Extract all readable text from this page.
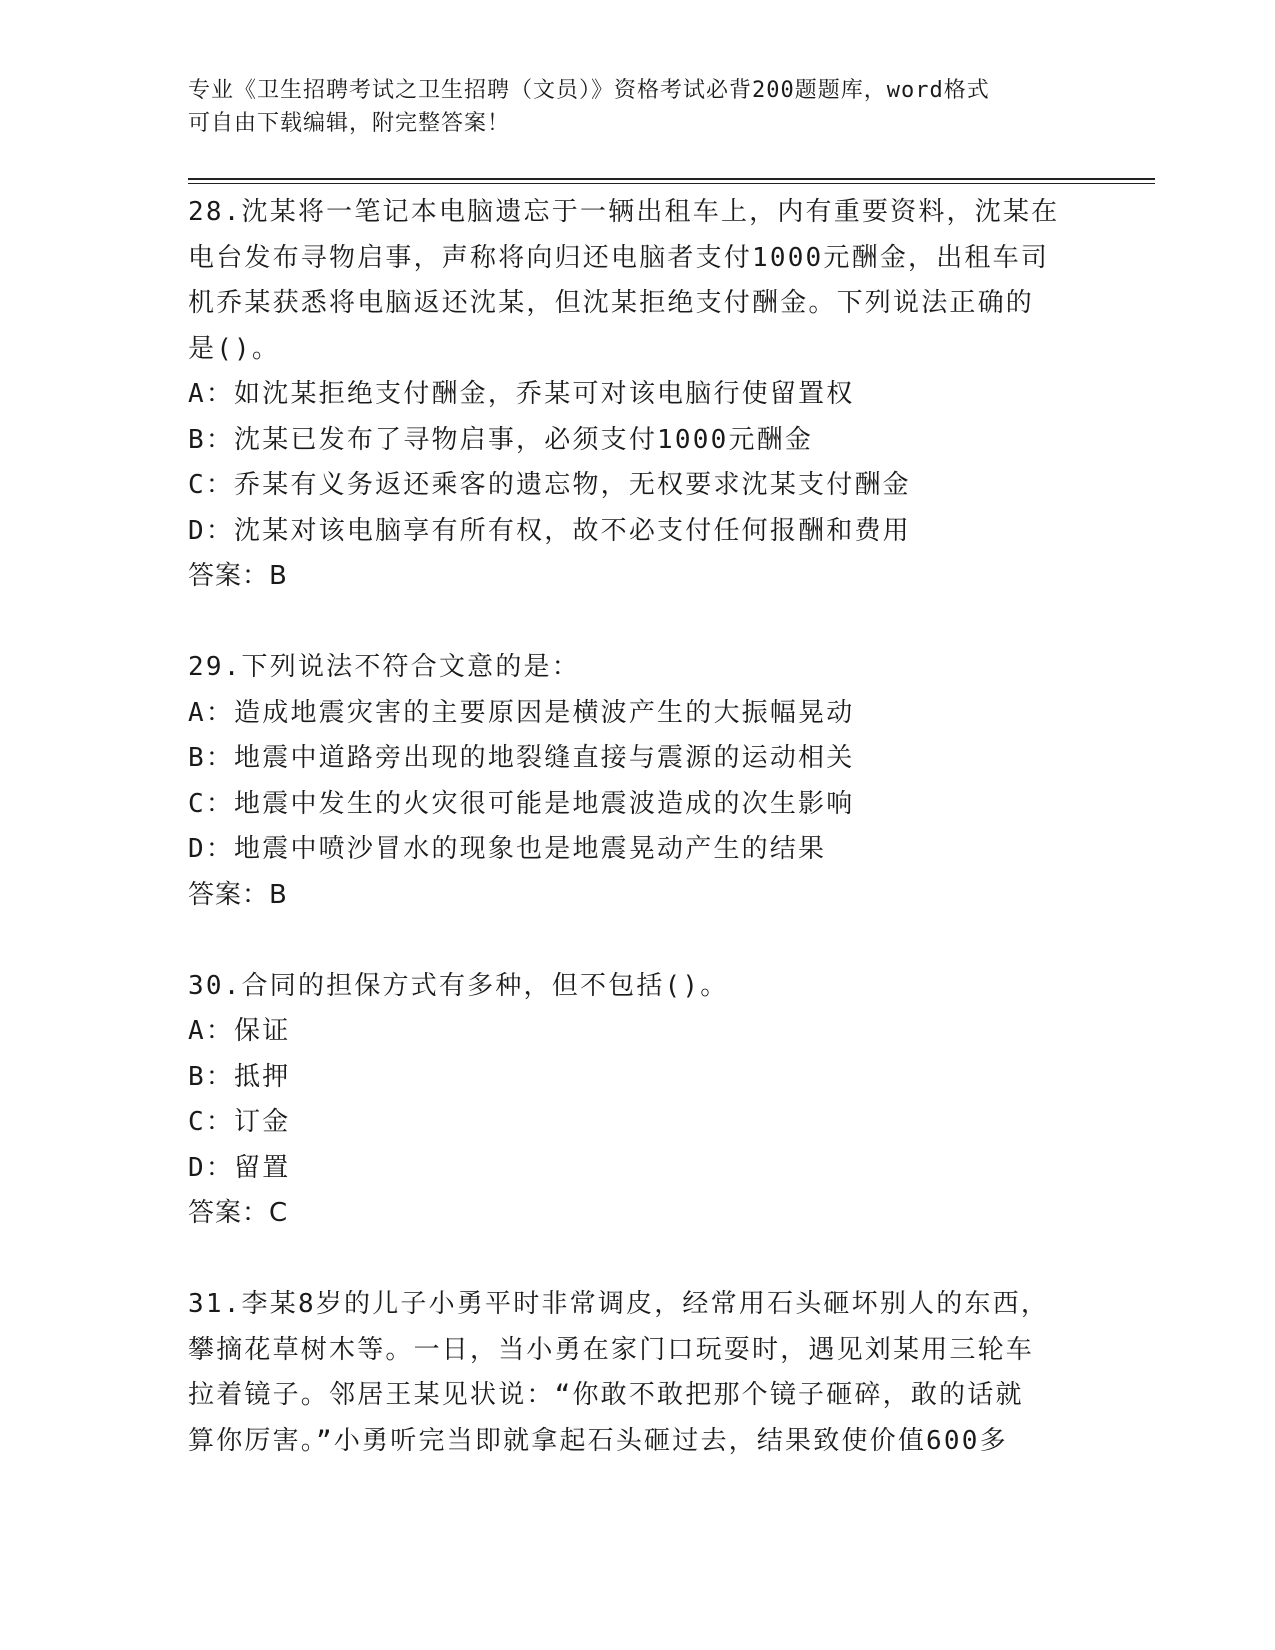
专业《卫生招聘考试之卫生招聘（文员）》资格考试必背200题题库，word格式
可自由下载编辑，附完整答案！

28.沈某将一笔记本电脑遗忘于一辆出租车上，内有重要资料，沈某在

电台发布寻物启事，声称将向归还电脑者支付1000元酬金，出租车司

机乔某获悉将电脑返还沈某，但沈某拒绝支付酬金。下列说法正确的

是()。

A：如沈某拒绝支付酬金，乔某可对该电脑行使留置权

B：沈某已发布了寻物启事，必须支付1000元酬金

C：乔某有义务返还乘客的遗忘物，无权要求沈某支付酬金

D：沈某对该电脑享有所有权，故不必支付任何报酬和费用

答案：B

29.下列说法不符合文意的是：

A：造成地震灾害的主要原因是横波产生的大振幅晃动

B：地震中道路旁出现的地裂缝直接与震源的运动相关

C：地震中发生的火灾很可能是地震波造成的次生影响

D：地震中喷沙冒水的现象也是地震晃动产生的结果

答案：B

30.合同的担保方式有多种，但不包括()。

A：保证

B：抵押

C：订金

D：留置

答案：C

31.李某8岁的儿子小勇平时非常调皮，经常用石头砸坏别人的东西，

攀摘花草树木等。一日，当小勇在家门口玩耍时，遇见刘某用三轮车

拉着镜子。邻居王某见状说：“你敢不敢把那个镜子砸碎，敢的话就

算你厉害。”小勇听完当即就拿起石头砸过去，结果致使价值600多
